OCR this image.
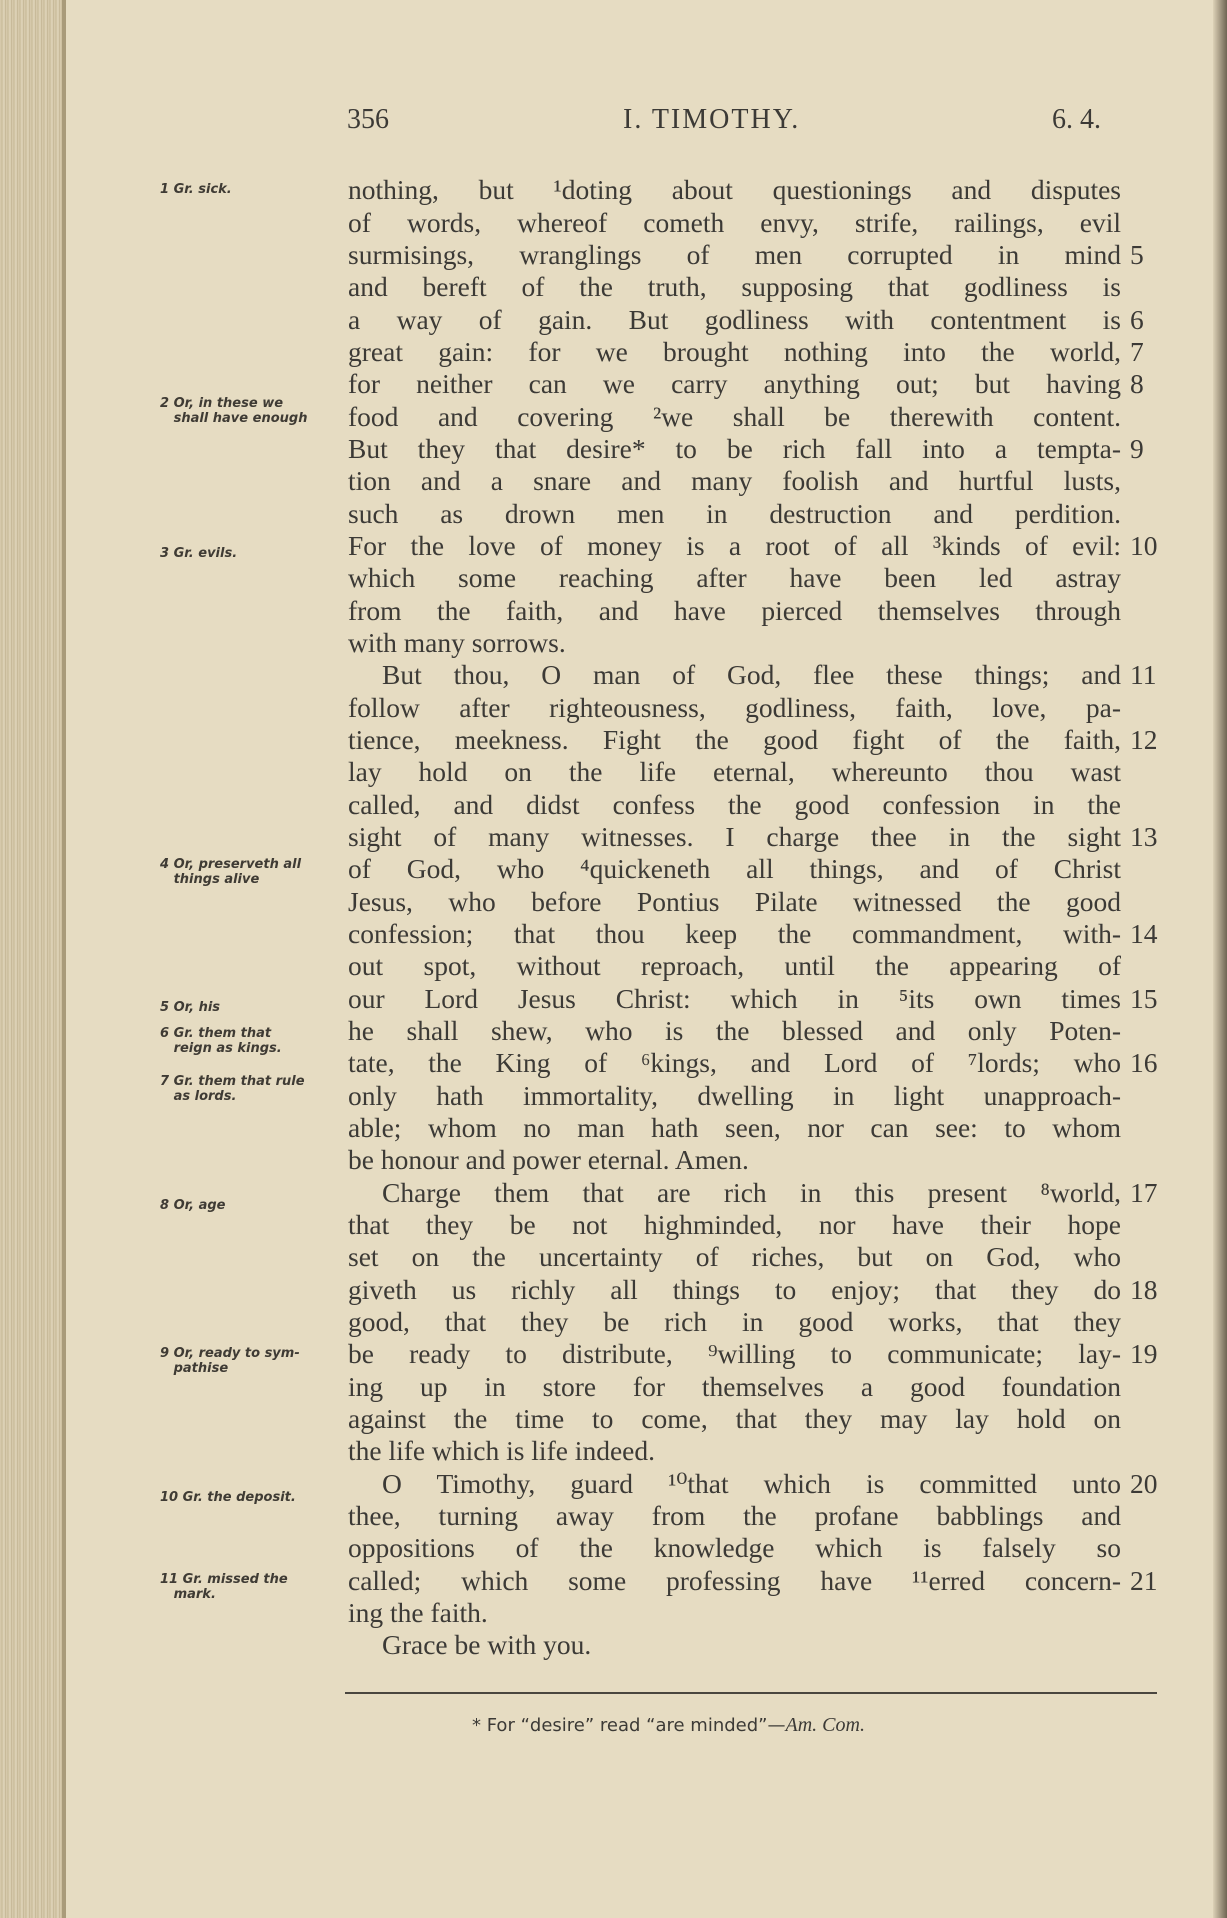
356	I. TIMOTHY.	6. 4.
1 Gr. sick.
2 Or, in these we
shall have enough
3 Gr. evils.
4 Or, preserveth all
things alive
5 Or, his
6 Gr. them that
reign as kings.
7 Gr. them that rule
as lords.
8 Or, age
9 Or, ready to sym-
pathise
10 Gr. the deposit.
11 Gr. missed the
mark.
nothing, but ¹doting about questionings and disputes
of words, whereof cometh envy, strife, railings, evil
surmisings, wranglings of men corrupted in mind
and bereft of the truth, supposing that godliness is
a way of gain. But godliness with contentment is
great gain: for we brought nothing into the world,
for neither can we carry anything out; but having
food and covering ²we shall be therewith content.
But they that desire* to be rich fall into a tempta-
tion and a snare and many foolish and hurtful lusts,
such as drown men in destruction and perdition.
For the love of money is a root of all ³kinds of evil:
which some reaching after have been led astray
from the faith, and have pierced themselves through
with many sorrows.
But thou, O man of God, flee these things; and
follow after righteousness, godliness, faith, love, pa-
tience, meekness. Fight the good fight of the faith,
lay hold on the life eternal, whereunto thou wast
called, and didst confess the good confession in the
sight of many witnesses. I charge thee in the sight
of God, who ⁴quickeneth all things, and of Christ
Jesus, who before Pontius Pilate witnessed the good
confession; that thou keep the commandment, with-
out spot, without reproach, until the appearing of
our Lord Jesus Christ: which in ⁵its own times
he shall shew, who is the blessed and only Poten-
tate, the King of ⁶kings, and Lord of ⁷lords; who
only hath immortality, dwelling in light unapproach-
able; whom no man hath seen, nor can see: to whom
be honour and power eternal. Amen.
Charge them that are rich in this present ⁸world,
that they be not highminded, nor have their hope
set on the uncertainty of riches, but on God, who
giveth us richly all things to enjoy; that they do
good, that they be rich in good works, that they
be ready to distribute, ⁹willing to communicate; lay-
ing up in store for themselves a good foundation
against the time to come, that they may lay hold on
the life which is life indeed.
O Timothy, guard ¹⁰that which is committed unto
thee, turning away from the profane babblings and
oppositions of the knowledge which is falsely so
called; which some professing have ¹¹erred concern-
ing the faith.
Grace be with you.
5
6
7
8
9
10
11
12
13
14
15
16
17
18
19
20
21
* For “desire” read “are minded”—Am. Com.
